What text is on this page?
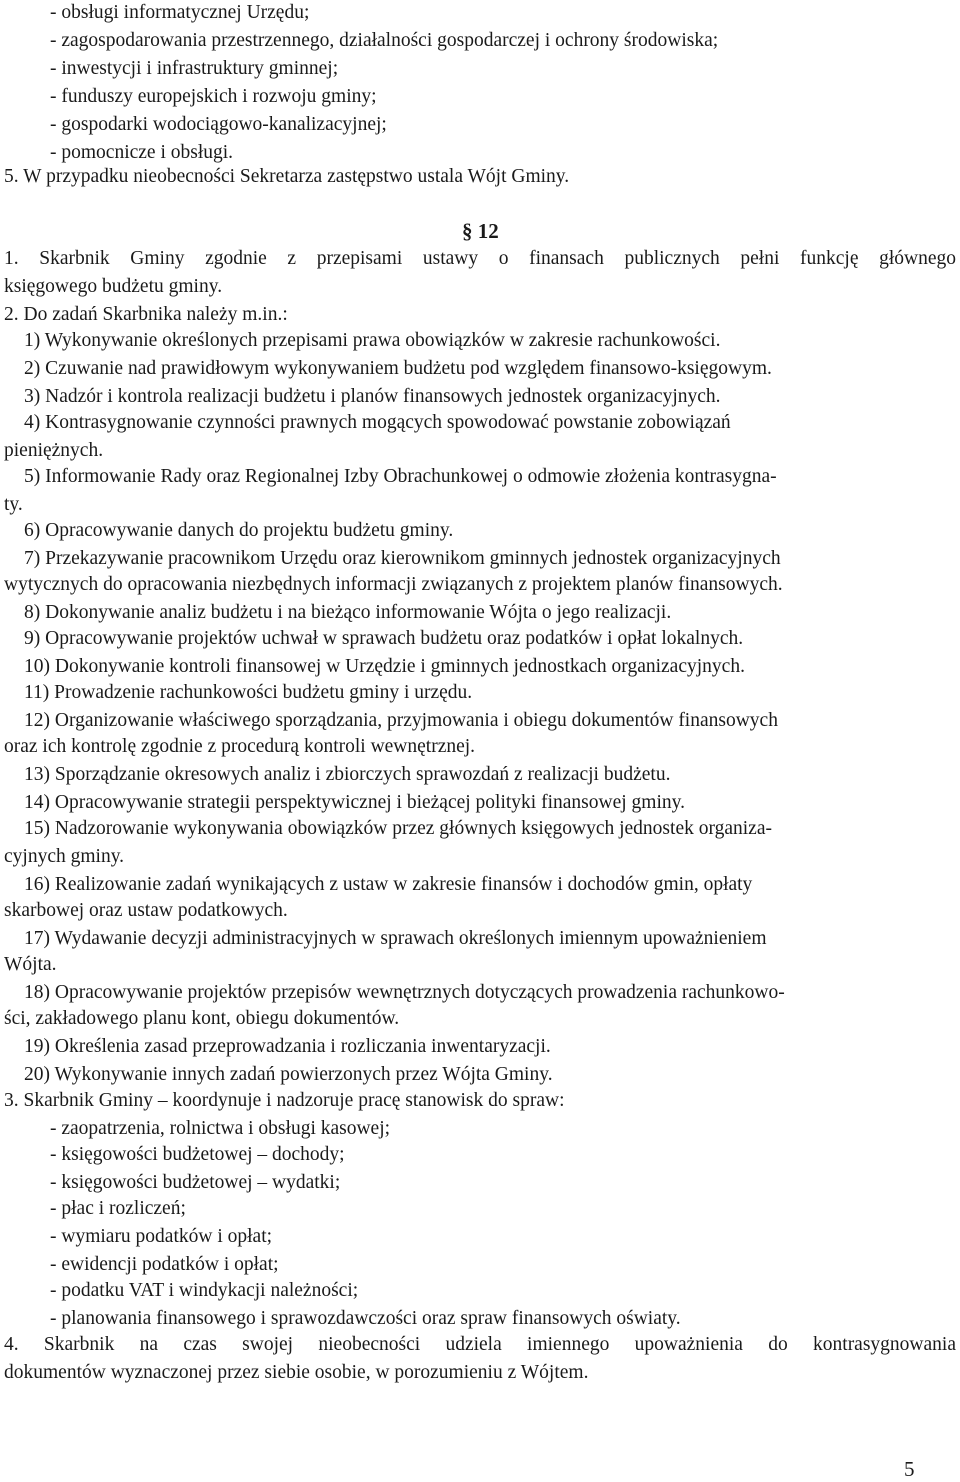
- obsługi informatycznej Urzędu;
- zagospodarowania przestrzennego, działalności gospodarczej i ochrony środowiska;
- inwestycji i infrastruktury gminnej;
- funduszy europejskich i rozwoju gminy;
- gospodarki wodociągowo-kanalizacyjnej;
- pomocnicze i obsługi.
5. W przypadku nieobecności Sekretarza zastępstwo ustala Wójt Gminy.
§ 12
1. Skarbnik Gminy zgodnie z przepisami ustawy o finansach publicznych pełni funkcję głównego
księgowego budżetu gminy.
2. Do zadań Skarbnika należy m.in.:
1) Wykonywanie określonych przepisami prawa obowiązków w zakresie rachunkowości.
2) Czuwanie nad prawidłowym wykonywaniem budżetu pod względem finansowo-księgowym.
3) Nadzór i kontrola realizacji budżetu i planów finansowych jednostek organizacyjnych.
4) Kontrasygnowanie czynności prawnych mogących spowodować powstanie zobowiązań
pieniężnych.
5) Informowanie Rady oraz Regionalnej Izby Obrachunkowej o odmowie złożenia kontrasygna-
ty.
6) Opracowywanie danych do projektu budżetu gminy.
7) Przekazywanie pracownikom Urzędu oraz kierownikom gminnych jednostek organizacyjnych
wytycznych do opracowania niezbędnych informacji związanych z projektem planów finansowych.
8) Dokonywanie analiz budżetu i na bieżąco informowanie Wójta o jego realizacji.
9) Opracowywanie projektów uchwał w sprawach budżetu oraz podatków i opłat lokalnych.
10) Dokonywanie kontroli finansowej w Urzędzie i gminnych jednostkach organizacyjnych.
11) Prowadzenie rachunkowości budżetu gminy i urzędu.
12) Organizowanie właściwego sporządzania, przyjmowania i obiegu dokumentów finansowych
oraz ich kontrolę zgodnie z procedurą kontroli wewnętrznej.
13) Sporządzanie okresowych analiz i zbiorczych sprawozdań z realizacji budżetu.
14) Opracowywanie strategii perspektywicznej i bieżącej polityki finansowej gminy.
15) Nadzorowanie wykonywania obowiązków przez głównych księgowych jednostek organiza-
cyjnych gminy.
16) Realizowanie zadań wynikających z ustaw w zakresie finansów i dochodów gmin, opłaty
skarbowej oraz ustaw podatkowych.
17) Wydawanie decyzji administracyjnych w sprawach określonych imiennym upoważnieniem
Wójta.
18) Opracowywanie projektów przepisów wewnętrznych dotyczących prowadzenia rachunkowo-
ści, zakładowego planu kont, obiegu dokumentów.
19) Określenia zasad przeprowadzania i rozliczania inwentaryzacji.
20) Wykonywanie innych zadań powierzonych przez Wójta Gminy.
3. Skarbnik Gminy – koordynuje i nadzoruje pracę stanowisk do spraw:
- zaopatrzenia, rolnictwa i obsługi kasowej;
- księgowości budżetowej – dochody;
- księgowości budżetowej – wydatki;
- płac i rozliczeń;
- wymiaru podatków i opłat;
- ewidencji podatków i opłat;
- podatku VAT i windykacji należności;
- planowania finansowego i sprawozdawczości oraz spraw finansowych oświaty.
4. Skarbnik na czas swojej nieobecności udziela imiennego upoważnienia do kontrasygnowania
dokumentów wyznaczonej przez siebie osobie, w porozumieniu z Wójtem.
5
